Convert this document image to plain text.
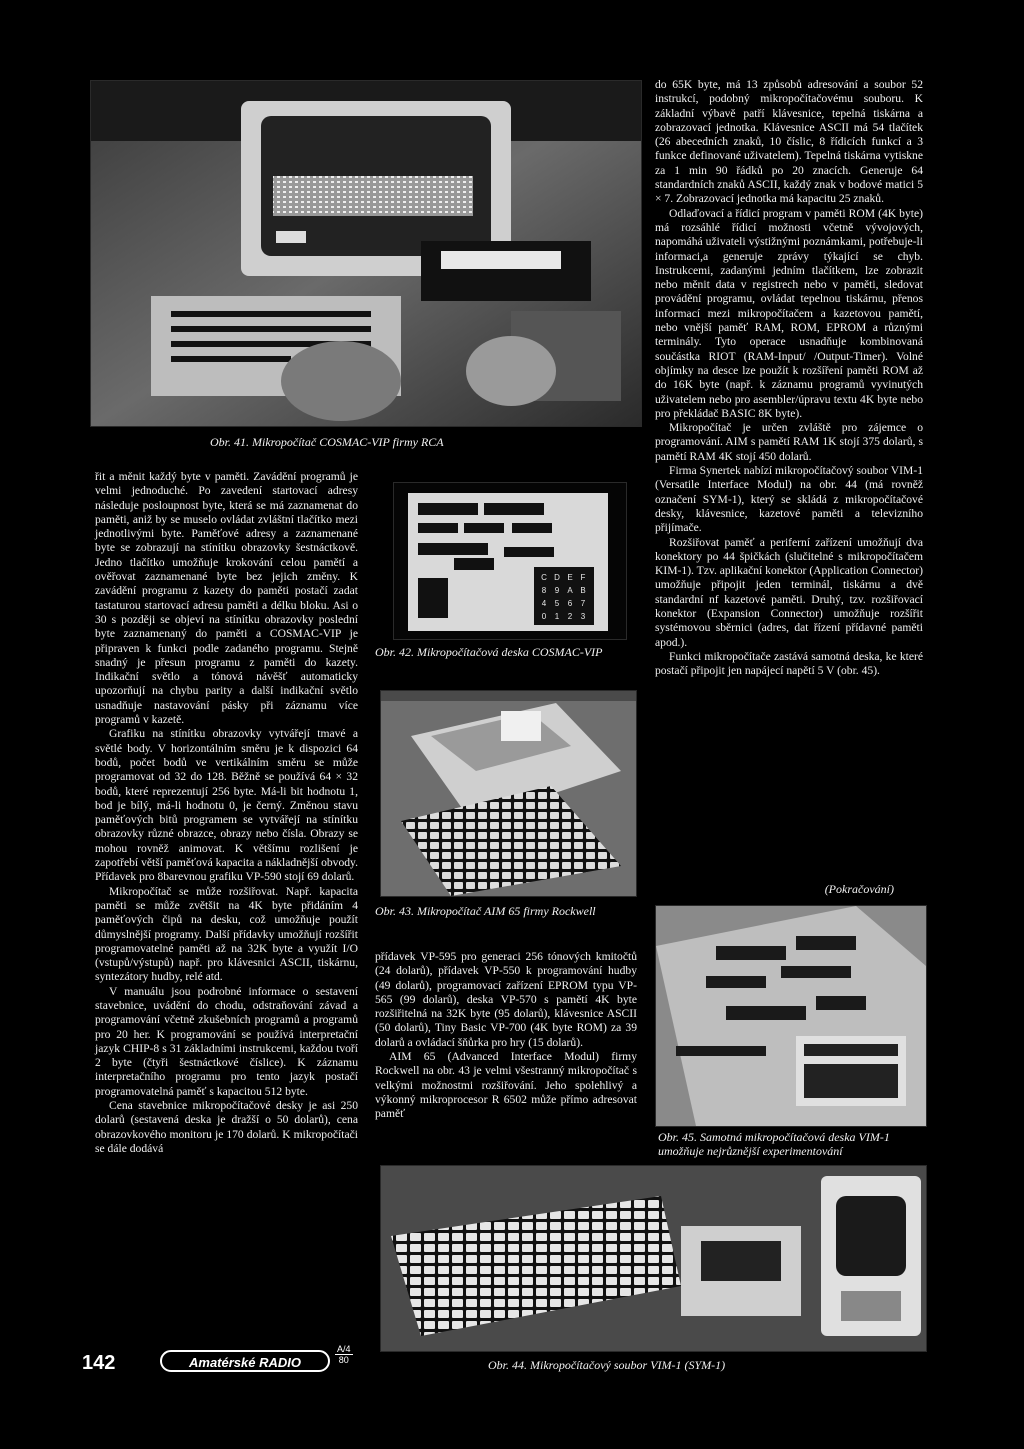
Obr. 41. Mikropočítač COSMAC-VIP firmy RCA
C D E F
8 9 A B
4 5 6 7
0 1 2 3
Obr. 42. Mikropočítačová deska COSMAC-VIP
Obr. 43. Mikropočítač AIM 65 firmy Rockwell
Obr. 45. Samotná mikropočítačová deska VIM-1 umožňuje nejrůznější experimentování
Obr. 44. Mikropočítačový soubor VIM-1 (SYM-1)

řit a měnit každý byte v paměti. Zavádění programů je velmi jednoduché. Po zavedení startovací adresy následuje posloupnost byte, která se má zaznamenat do paměti, aniž by se muselo ovládat zvláštní tlačítko mezi jednotlivými byte. Paměťové adresy a zaznamenané byte se zobrazují na stínítku obrazovky šestnáctkově. Jedno tlačítko umožňuje krokování celou pamětí a ověřovat zaznamenané byte bez jejich změny. K zavádění programu z kazety do paměti postačí zadat tastaturou startovací adresu paměti a délku bloku. Asi o 30 s později se objeví na stínítku obrazovky poslední byte zaznamenaný do paměti a COSMAC-VIP je připraven k funkci podle zadaného programu. Stejně snadný je přesun programu z paměti do kazety. Indikační světlo a tónová návěšť automaticky upozorňují na chybu parity a další indikační světlo usnadňuje nastavování pásky při záznamu více programů v kazetě.

Grafiku na stínítku obrazovky vytvářejí tmavé a světlé body. V horizontálním směru je k dispozici 64 bodů, počet bodů ve vertikálním směru se může programovat od 32 do 128. Běžně se používá 64 × 32 bodů, které reprezentují 256 byte. Má-li bit hodnotu 1, bod je bílý, má-li hodnotu 0, je černý. Změnou stavu paměťových bitů programem se vytvářejí na stínítku obrazovky různé obrazce, obrazy nebo čísla. Obrazy se mohou rovněž animovat. K většímu rozlišení je zapotřebí větší paměťová kapacita a nákladnější obvody. Přídavek pro 8barevnou grafiku VP-590 stojí 69 dolarů.

Mikropočítač se může rozšiřovat. Např. kapacita paměti se může zvětšit na 4K byte přidáním 4 paměťových čipů na desku, což umožňuje použít důmyslnější programy. Další přídavky umožňují rozšířit programovatelné paměti až na 32K byte a využít I/O (vstupů/výstupů) např. pro klávesnici ASCII, tiskárnu, syntezátory hudby, relé atd.

V manuálu jsou podrobné informace o sestavení stavebnice, uvádění do chodu, odstraňování závad a programování včetně zkušebních programů a programů pro 20 her. K programování se používá interpretační jazyk CHIP-8 s 31 základními instrukcemi, každou tvoří 2 byte (čtyři šestnáctkové číslice). K záznamu interpretačního programu pro tento jazyk postačí programovatelná paměť s kapacitou 512 byte.

Cena stavebnice mikropočítačové desky je asi 250 dolarů (sestavená deska je dražší o 50 dolarů), cena obrazovkového monitoru je 170 dolarů. K mikropočítači se dále dodává

přídavek VP-595 pro generaci 256 tónových kmitočtů (24 dolarů), přídavek VP-550 k programování hudby (49 dolarů), programovací zařízení EPROM typu VP-565 (99 dolarů), deska VP-570 s pamětí 4K byte rozšiřitelná na 32K byte (95 dolarů), klávesnice ASCII (50 dolarů), Tiny Basic VP-700 (4K byte ROM) za 39 dolarů a ovládací šňůrka pro hry (15 dolarů).

AIM 65 (Advanced Interface Modul) firmy Rockwell na obr. 43 je velmi všestranný mikropočítač s velkými možnostmi rozšiřování. Jeho spolehlivý a výkonný mikroprocesor R 6502 může přímo adresovat paměť

do 65K byte, má 13 způsobů adresování a soubor 52 instrukcí, podobný mikropočítačovému souboru. K základní výbavě patří klávesnice, tepelná tiskárna a zobrazovací jednotka. Klávesnice ASCII má 54 tlačítek (26 abecedních znaků, 10 číslic, 8 řídicích funkcí a 3 funkce definované uživatelem). Tepelná tiskárna vytiskne za 1 min 90 řádků po 20 znacích. Generuje 64 standardních znaků ASCII, každý znak v bodové matici 5 × 7. Zobrazovací jednotka má kapacitu 25 znaků.

Odlaďovací a řídicí program v paměti ROM (4K byte) má rozsáhlé řídicí možnosti včetně vývojových, napomáhá uživateli výstižnými poznámkami, potřebuje-li informaci,a generuje zprávy týkající se chyb. Instrukcemi, zadanými jedním tlačítkem, lze zobrazit nebo měnit data v registrech nebo v paměti, sledovat provádění programu, ovládat tepelnou tiskárnu, přenos informací mezi mikropočítačem a kazetovou pamětí, nebo vnější paměť RAM, ROM, EPROM a různými terminály. Tyto operace usnadňuje kombinovaná součástka RIOT (RAM-Input/ /Output-Timer). Volné objímky na desce lze použít k rozšíření paměti ROM až do 16K byte (např. k záznamu programů vyvinutých uživatelem nebo pro asembler/úpravu textu 4K byte nebo pro překládač BASIC 8K byte).

Mikropočítač je určen zvláště pro zájemce o programování. AIM s pamětí RAM 1K stojí 375 dolarů, s pamětí RAM 4K stojí 450 dolarů.

Firma Synertek nabízí mikropočítačový soubor VIM-1 (Versatile Interface Modul) na obr. 44 (má rovněž označení SYM-1), který se skládá z mikropočítačové desky, klávesnice, kazetové paměti a televizního přijímače.

Rozšiřovat paměť a periferní zařízení umožňují dva konektory po 44 špičkách (slučitelné s mikropočítačem KIM-1). Tzv. aplikační konektor (Application Connector) umožňuje připojit jeden terminál, tiskárnu a dvě standardní nf kazetové paměti. Druhý, tzv. rozšiřovací konektor (Expansion Connector) umožňuje rozšířit systémovou sběrnici (adres, dat řízení přídavné paměti apod.).

Funkci mikropočítače zastává samotná deska, ke které postačí připojit jen napájecí napětí 5 V (obr. 45).

(Pokračování)
142	Amatérské RADIO
A/4
80
